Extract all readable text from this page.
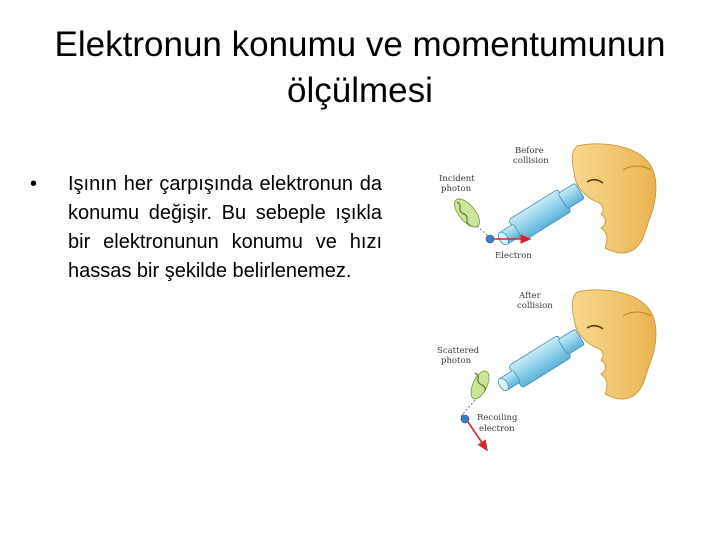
Elektronun konumu ve momentumunun
ölçülmesi
• Işının her çarpışında elektronun da konumu değişir. Bu sebeple ışıkla bir elektronunun konumu ve hızı hassas bir şekilde belirlenemez.
Before
collision
Incident
photon
Electron
After
collision
Scattered
photon
Recoiling
electron
